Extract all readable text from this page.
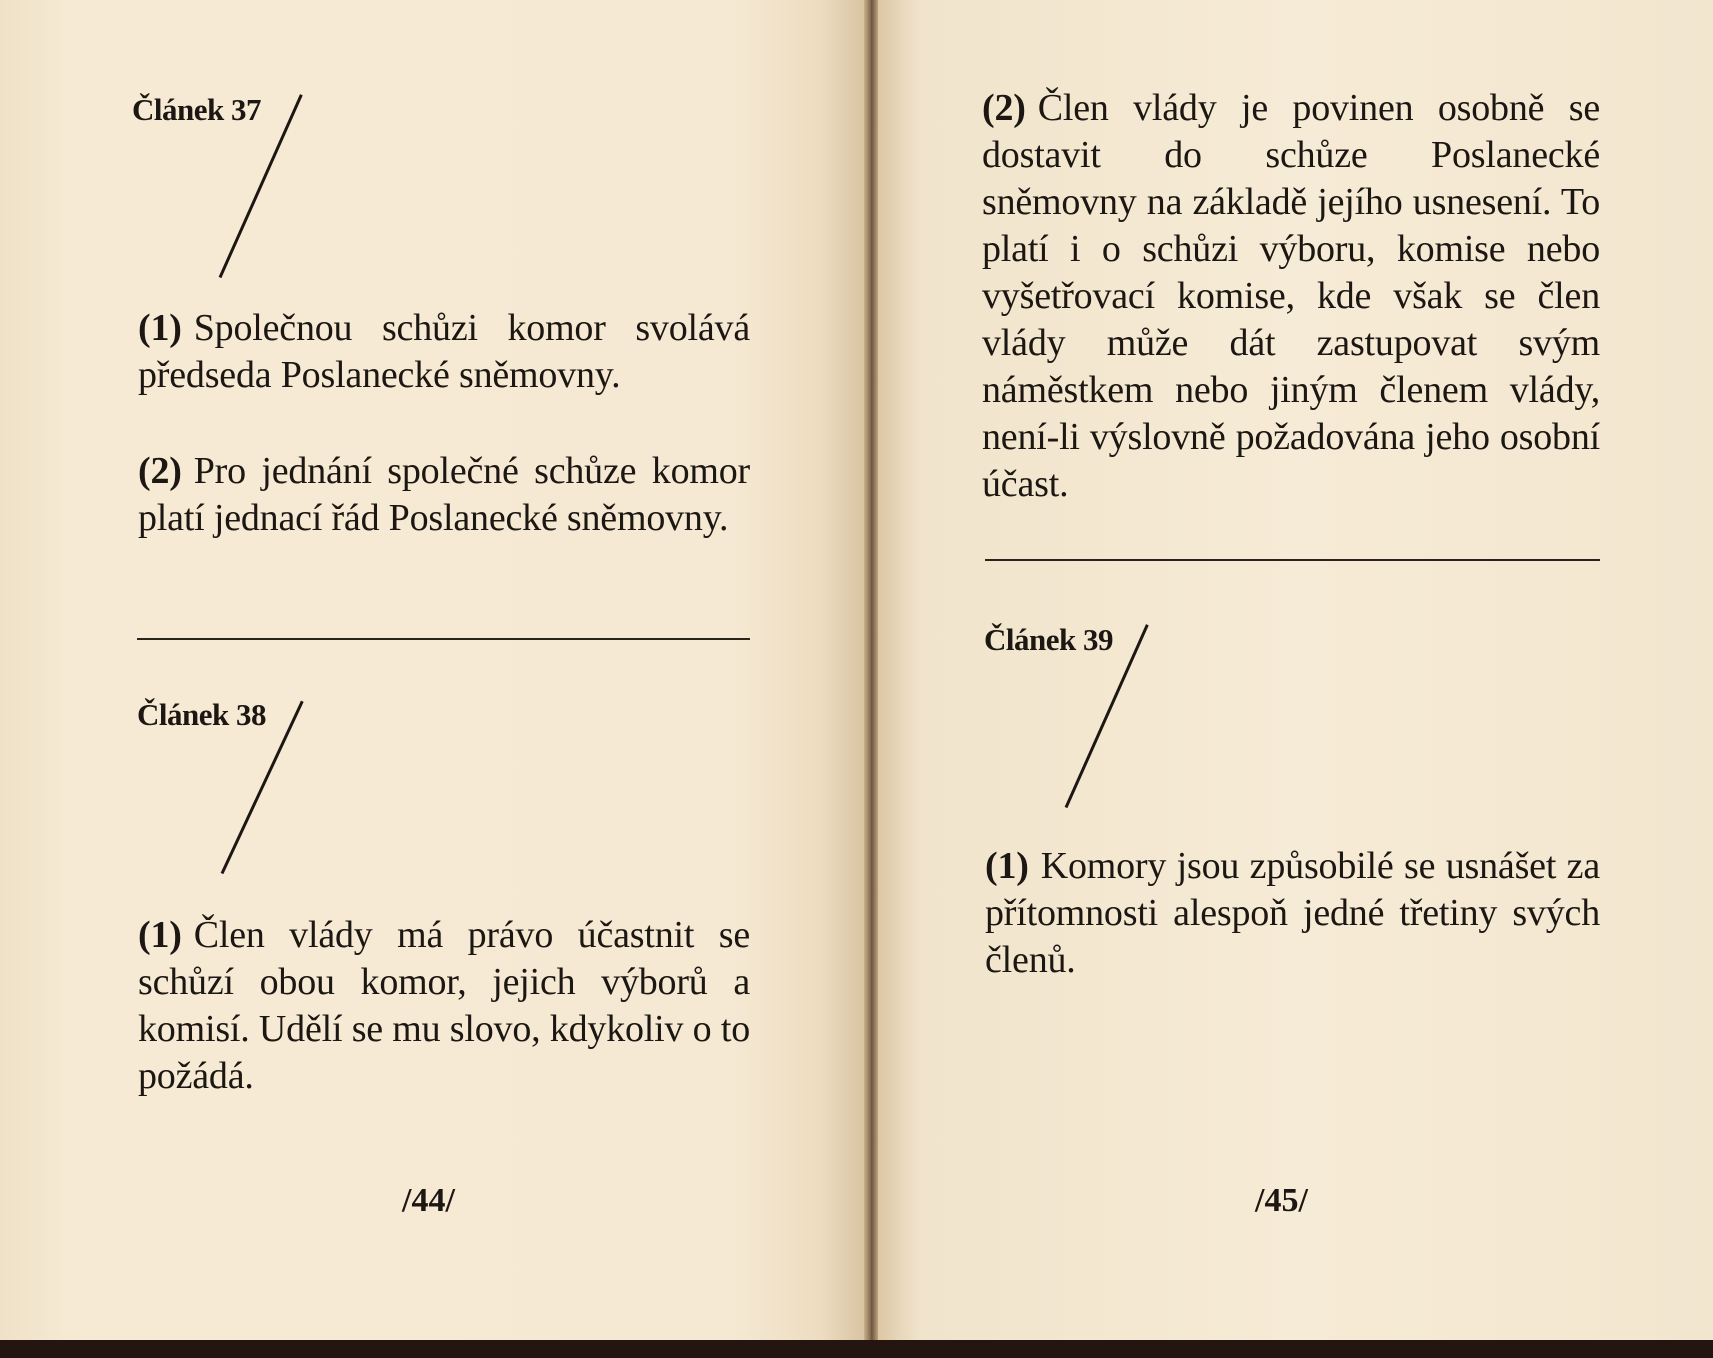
Článek 37
(1) Společnou schůzi komor svolává předseda Poslanecké sněmovny.
(2) Pro jednání společné schůze komor platí jednací řád Poslanecké sněmovny.
Článek 38
(1) Člen vlády má právo účastnit se schůzí obou komor, jejich výborů a komisí. Udělí se mu slovo, kdykoliv o to požádá.
/44/
(2) Člen vlády je povinen osobně se dostavit do schůze Poslanecké sněmovny na základě jejího usnesení. To platí i o schůzi výboru, komise nebo vyšetřovací komise, kde však se člen vlády může dát zastupovat svým náměstkem nebo jiným členem vlády, není-li výslovně požadována jeho osobní účast.
Článek 39
(1) Komory jsou způsobilé se usnášet za přítomnosti alespoň jedné třetiny svých členů.
/45/
